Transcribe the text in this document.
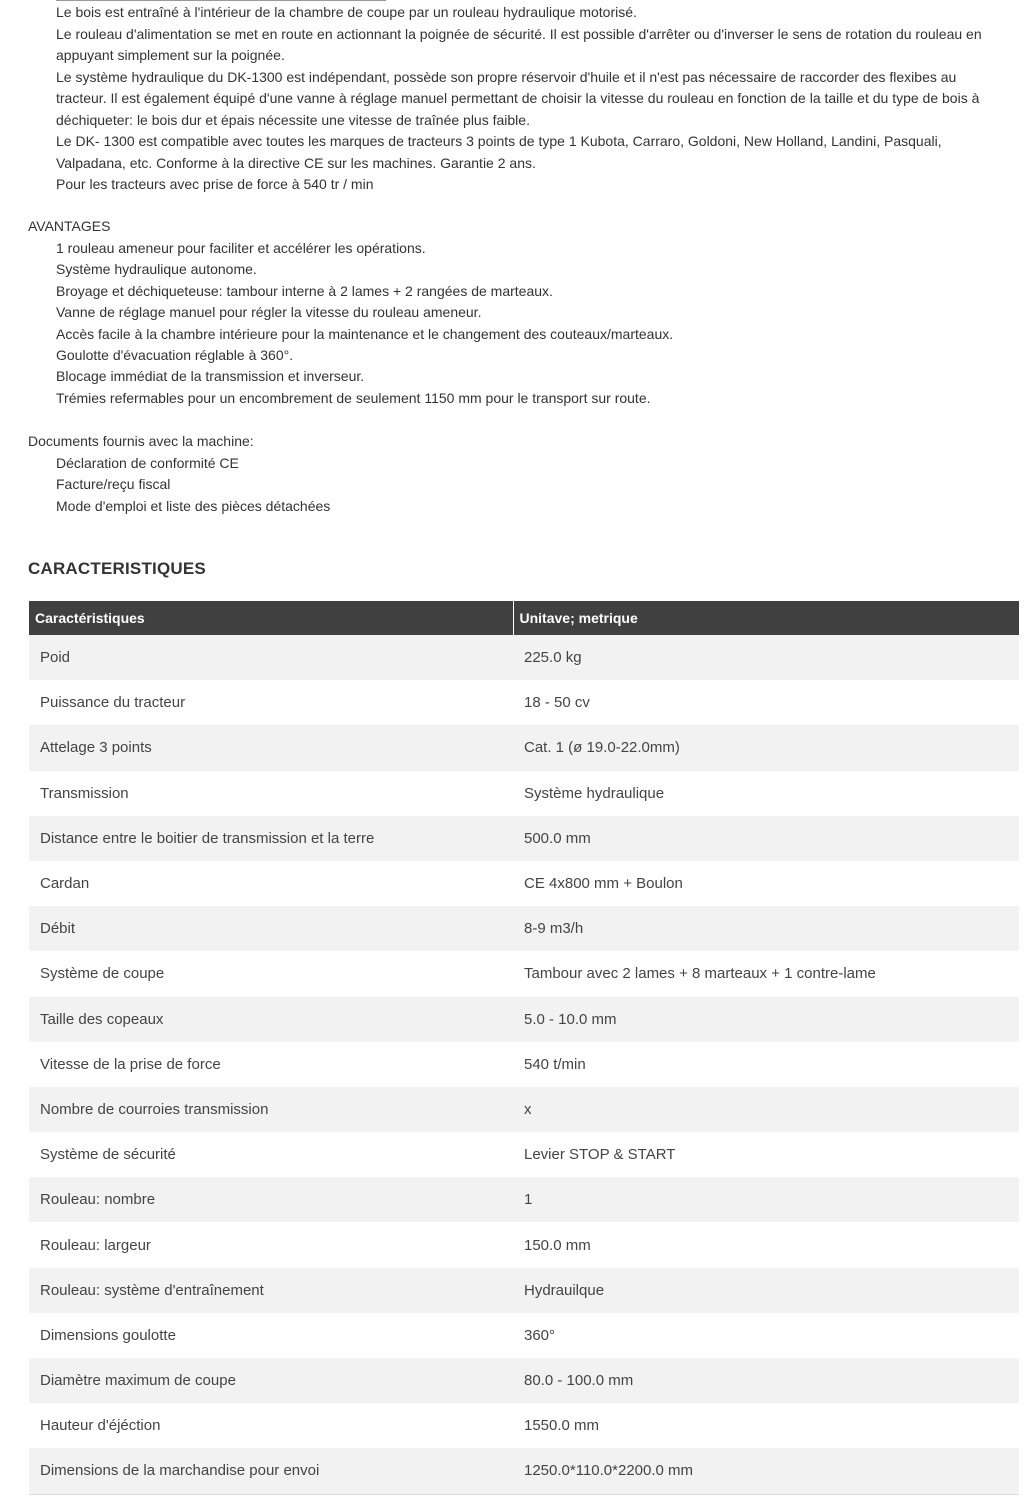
Le bois est entraîné à l'intérieur de la chambre de coupe par un rouleau hydraulique motorisé.

Le rouleau d'alimentation se met en route en actionnant la poignée de sécurité. Il est possible d'arrêter ou d'inverser le sens de rotation du rouleau en appuyant simplement sur la poignée.

Le système hydraulique du DK-1300 est indépendant, possède son propre réservoir d'huile et il n'est pas nécessaire de raccorder des flexibes au tracteur. Il est également équipé d'une vanne à réglage manuel permettant de choisir la vitesse du rouleau en fonction de la taille et du type de bois à déchiqueter: le bois dur et épais nécessite une vitesse de traînée plus faible.

Le DK- 1300 est compatible avec toutes les marques de tracteurs 3 points de type 1 Kubota, Carraro, Goldoni, New Holland, Landini, Pasquali, Valpadana, etc. Conforme à la directive CE sur les machines. Garantie 2 ans.

Pour les tracteurs avec prise de force à 540 tr / min

AVANTAGES
1 rouleau ameneur pour faciliter et accélérer les opérations.
Système hydraulique autonome.
Broyage et déchiqueteuse: tambour interne à 2 lames + 2 rangées de marteaux.
Vanne de réglage manuel pour régler la vitesse du rouleau ameneur.
Accès facile à la chambre intérieure pour la maintenance et le changement des couteaux/marteaux.
Goulotte d'évacuation réglable à 360°.
Blocage immédiat de la transmission et inverseur.
Trémies refermables pour un encombrement de seulement 1150 mm pour le transport sur route.
Documents fournis avec la machine:
Déclaration de conformité CE
Facture/reçu fiscal
Mode d'emploi et liste des pièces détachées
CARACTERISTIQUES
Caractéristiques	Unitave; metrique
Poid	225.0 kg
Puissance du tracteur	18 - 50 cv
Attelage 3 points	Cat. 1 (ø 19.0-22.0mm)
Transmission	Système hydraulique
Distance entre le boitier de transmission et la terre	500.0 mm
Cardan	CE 4x800 mm + Boulon
Débit	8-9 m3/h
Système de coupe	Tambour avec 2 lames + 8 marteaux + 1 contre-lame
Taille des copeaux	5.0 - 10.0 mm
Vitesse de la prise de force	540 t/min
Nombre de courroies transmission	x
Système de sécurité	Levier STOP & START
Rouleau: nombre	1
Rouleau: largeur	150.0 mm
Rouleau: système d'entraînement	Hydrauilque
Dimensions goulotte	360°
Diamètre maximum de coupe	80.0 - 100.0 mm
Hauteur d'éjéction	1550.0 mm
Dimensions de la marchandise pour envoi	1250.0*110.0*2200.0 mm
